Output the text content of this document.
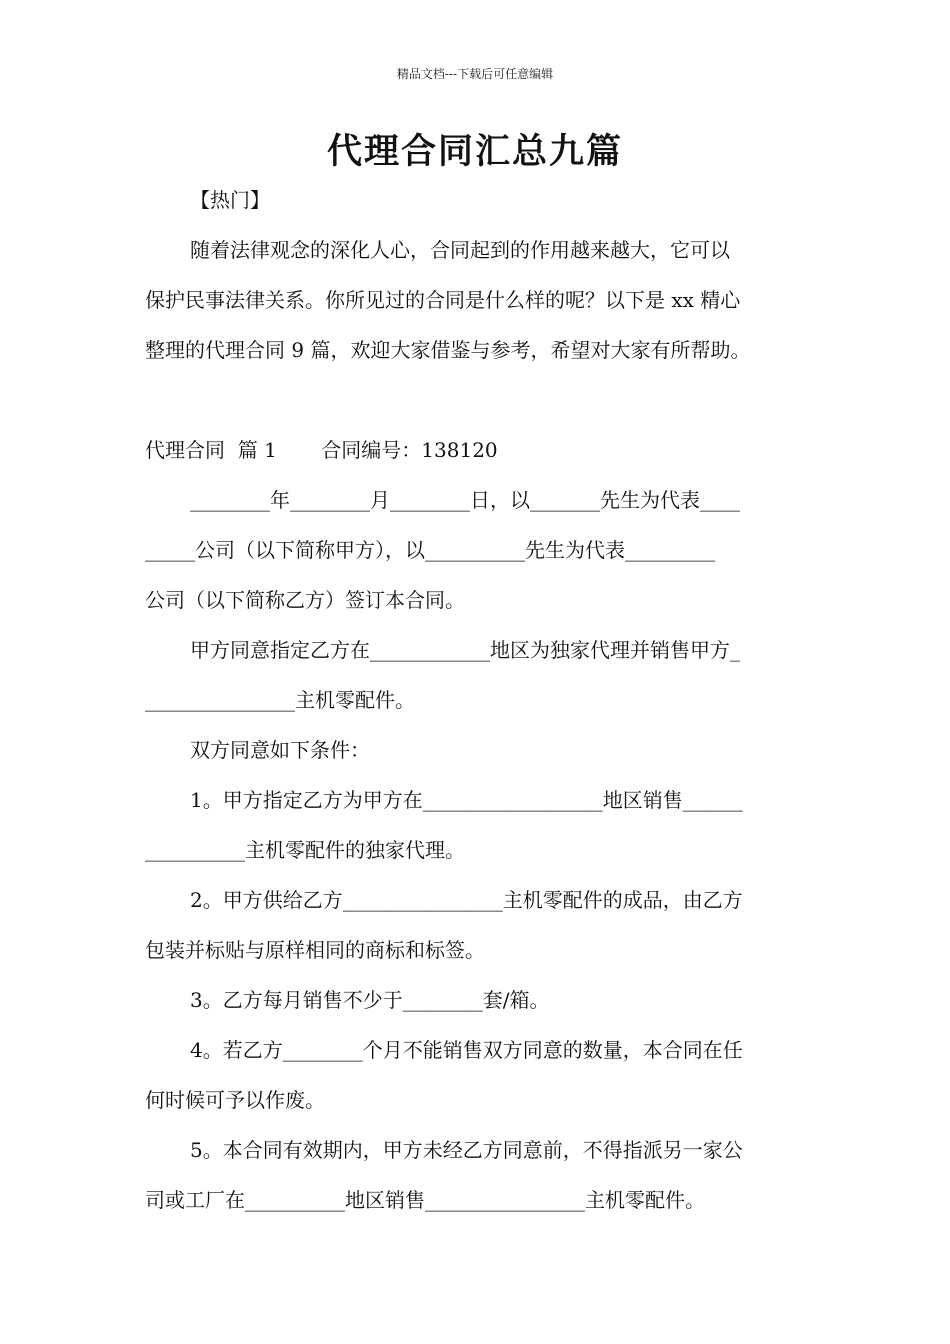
精品文档---下载后可任意编辑
代理合同汇总九篇
【热门】
随着法律观念的深化人心，合同起到的作用越来越大，它可以
保护民事法律关系。你所见过的合同是什么样的呢？以下是 xx 精心
整理的代理合同 9 篇，欢迎大家借鉴与参考，希望对大家有所帮助。
代理合同  篇 1       合同编号：138120
________年________月________日，以_______先生为代表____
_____公司（以下简称甲方），以__________先生为代表_________
公司（以下简称乙方）签订本合同。
甲方同意指定乙方在____________地区为独家代理并销售甲方_
_______________主机零配件。
双方同意如下条件：
1。甲方指定乙方为甲方在__________________地区销售______
__________主机零配件的独家代理。
2。甲方供给乙方________________主机零配件的成品，由乙方
包装并标贴与原样相同的商标和标签。
3。乙方每月销售不少于________套/箱。
4。若乙方________个月不能销售双方同意的数量，本合同在任
何时候可予以作废。
5。本合同有效期内，甲方未经乙方同意前，不得指派另一家公
司或工厂在__________地区销售________________主机零配件。
